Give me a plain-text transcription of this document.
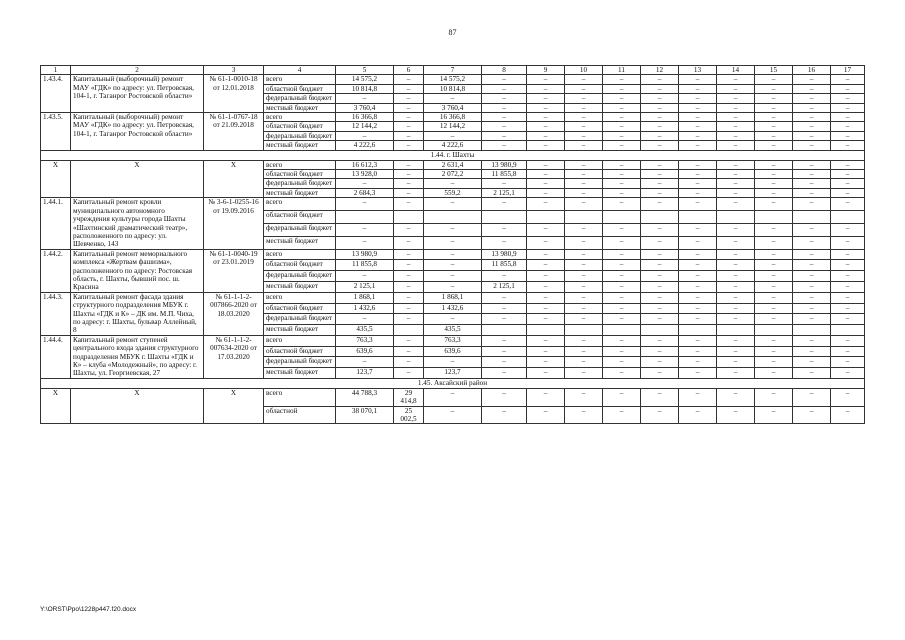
87
1	2	3	4	5	6	7	8	9	10	11	12	13	14	15	16	17
1.43.4.	Капитальный (выборочный) ремонт МАУ «ГДК» по адресу: ул. Петровская, 104-1, г. Таганрог Ростовской области»	№ 61-1-0010-18 от 12.01.2018	всего	14 575,2	–	14 575,2	–	–	–	–	–	–	–	–	–	–
			областной бюджет	10 814,8	–	10 814,8	–	–	–	–	–	–	–	–	–	–
			федеральный бюджет	–	–	–	–	–	–	–	–	–	–	–	–	–
			местный бюджет	3 760,4	–	3 760,4	–	–	–	–	–	–	–	–	–	–
1.43.5.	Капитальный (выборочный) ремонт МАУ «ГДК» по адресу: ул. Петровская, 104-1, г. Таганрог Ростовской области»	№ 61-1-0767-18 от 21.09.2018	всего	16 366,8	–	16 366,8	–	–	–	–	–	–	–	–	–	–
			областной бюджет	12 144,2	–	12 144,2	–	–	–	–	–	–	–	–	–	–
			федеральный бюджет	–	–	–	–	–	–	–	–	–	–	–	–	–
			местный бюджет	4 222,6	–	4 222,6	–	–	–	–	–	–	–	–	–	–
1.44. г. Шахты																
Х	Х	Х	всего	16 612,3	–	2 631,4	13 980,9	–	–	–	–	–	–	–	–	–
			областной бюджет	13 928,0	–	2 072,2	11 855,8	–	–	–	–	–	–	–	–	–
			федеральный бюджет	–	–	–	–	–	–	–	–	–	–	–	–	–
			местный бюджет	2 684,3	–	559,2	2 125,1	–	–	–	–	–	–	–	–	–
1.44.1.	Капитальный ремонт кровли муниципального автономного учреждения культуры города Шахты «Шахтинский драматический театр», расположенного по адресу: ул. Шевченко, 143	№ 3-6-1-0255-16 от 19.09.2016	всего	–	–	–	–	–	–	–	–	–	–	–	–	–
			областной бюджет													
			федеральный бюджет	–	–	–	–	–	–	–	–	–	–	–	–	–
			местный бюджет	–	–	–	–	–	–	–	–	–	–	–	–	–
1.44.2.	Капитальный ремонт мемориального комплекса «Жертвам фашизма», расположенного по адресу: Ростовская область, г. Шахты, бывший пос. ш. Красина	№ 61-1-0040-19 от 23.01.2019	всего	13 980,9	–	–	13 980,9	–	–	–	–	–	–	–	–	–
			областной бюджет	11 855,8	–	–	11 855,8	–	–	–	–	–	–	–	–	–
			федеральный бюджет	–	–	–	–	–	–	–	–	–	–	–	–	–
			местный бюджет	2 125,1	–	–	2 125,1	–	–	–	–	–	–	–	–	–
1.44.3.	Капитальный ремонт фасада здания структурного подразделения МБУК г. Шахты «ГДК и К» – ДК им. М.П. Чиха, по адресу: г. Шахты, бульвар Аллейный, 8	№ 61-1-1-2-007866-2020 от 18.03.2020	всего	1 868,1	–	1 868,1	–	–	–	–	–	–	–	–	–	–
			областной бюджет	1 432,6	–	1 432,6	–	–	–	–	–	–	–	–	–	–
			федеральный бюджет	–	–	–	–	–	–	–	–	–	–	–	–	–
			местный бюджет	435,5		435,5										
1.44.4.	Капитальный ремонт ступеней центрального входа здания структурного подразделения МБУК г. Шахты «ГДК и К» – клуба «Молодежный», по адресу: г. Шахты, ул. Георгиевская, 27	№ 61-1-1-2-007634-2020 от 17.03.2020	всего	763,3	–	763,3	–	–	–	–	–	–	–	–	–	–
			областной бюджет	639,6	–	639,6	–	–	–	–	–	–	–	–	–	–
			федеральный бюджет	–	–	–	–	–	–	–	–	–	–	–	–	–
			местный бюджет	123,7	–	123,7	–	–	–	–	–	–	–	–	–	–
1.45. Аксайский район																
Х	Х	Х	всего	44 788,3	29 414,8	–	–	–	–	–	–	–	–	–	–	–
			областной	38 070,1	25 002,5	–	–	–	–	–	–	–	–	–	–	–
Y:\ORST\Ppo\1228p447.f20.docx
